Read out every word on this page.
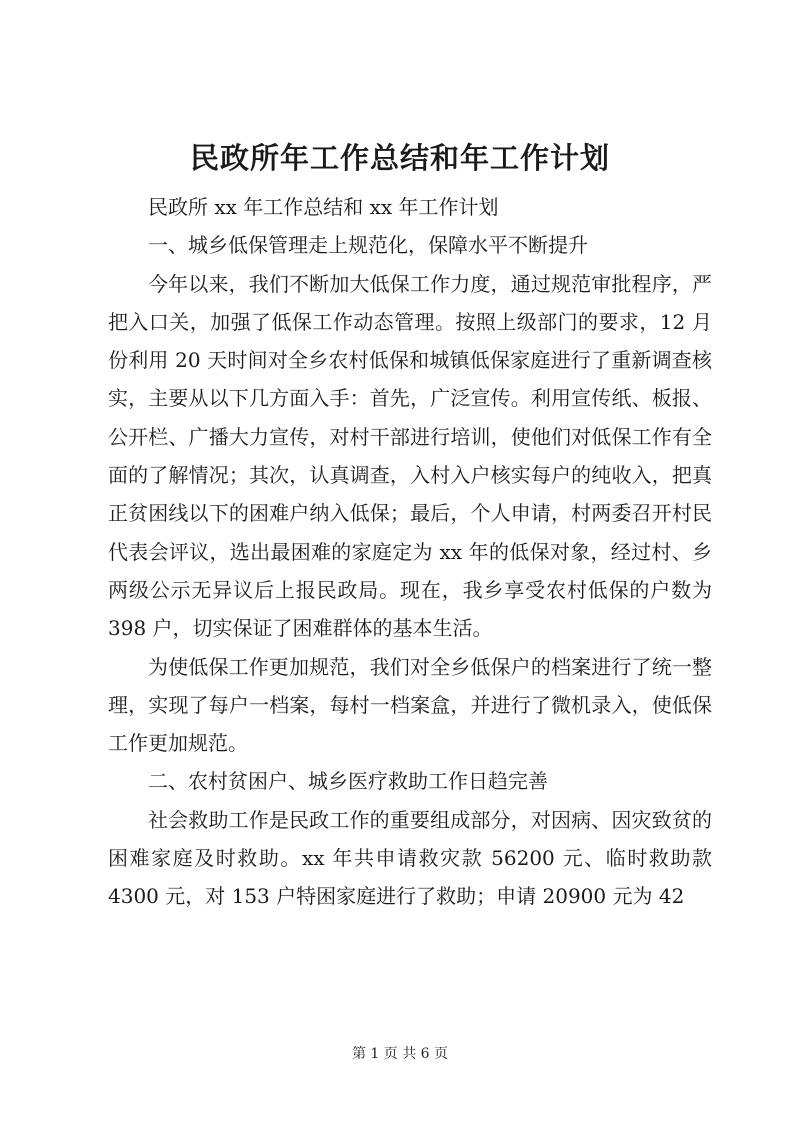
民政所年工作总结和年工作计划

民政所 xx 年工作总结和 xx 年工作计划

一、城乡低保管理走上规范化，保障水平不断提升

今年以来，我们不断加大低保工作力度，通过规范审批程序，严把入口关，加强了低保工作动态管理。按照上级部门的要求，12 月份利用 20 天时间对全乡农村低保和城镇低保家庭进行了重新调查核实，主要从以下几方面入手：首先，广泛宣传。利用宣传纸、板报、公开栏、广播大力宣传，对村干部进行培训，使他们对低保工作有全面的了解情况；其次，认真调查，入村入户核实每户的纯收入，把真正贫困线以下的困难户纳入低保；最后，个人申请，村两委召开村民代表会评议，选出最困难的家庭定为 xx 年的低保对象，经过村、乡两级公示无异议后上报民政局。现在，我乡享受农村低保的户数为 398 户，切实保证了困难群体的基本生活。

为使低保工作更加规范，我们对全乡低保户的档案进行了统一整理，实现了每户一档案，每村一档案盒，并进行了微机录入，使低保工作更加规范。

二、农村贫困户、城乡医疗救助工作日趋完善

社会救助工作是民政工作的重要组成部分，对因病、因灾致贫的困难家庭及时救助。xx 年共申请救灾款 56200 元、临时救助款 4300 元，对 153 户特困家庭进行了救助；申请 20900 元为 42

第 1 页 共 6 页
